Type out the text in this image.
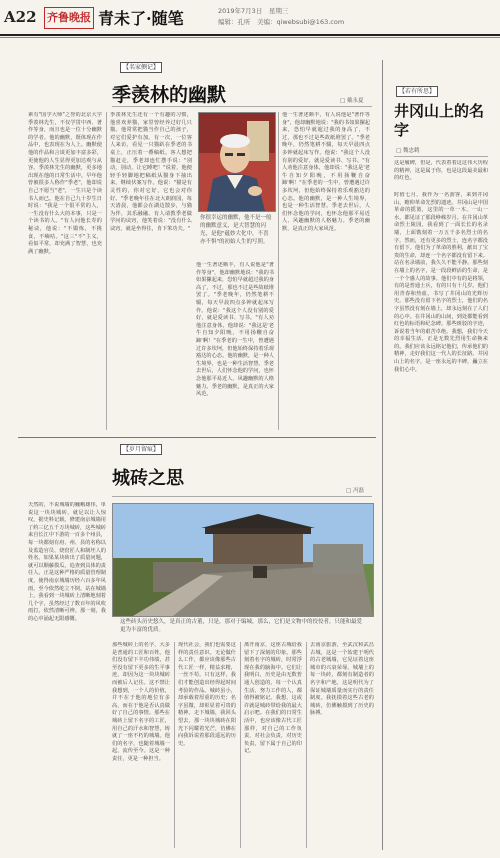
A22 齐鲁晚报 青未了·随笔	2019年7月3日　星期三
编辑：孔听　美编：qiwebsubi@163.com
【名家侧记】
季羡林的幽默	□ 戴永夏
素有"国学大师"之誉的北京大学季羡林先生，不仅学贯中西、著作等身，而且也是一位十分幽默的学者。他的幽默，既体现在作品中，也表现在为人上。幽默使他的作品和言谈更加丰富多彩，更使他的人生显得更加达观与从容。季羡林先生的幽默，更多地出现在他的日常生活中。早年他曾被很多人称作"季老"，他却说自己不愿当"老"，一生只是个读书人而已。他在自己九十岁生日时说："我是一个很平常的人，一生没有什么大的本事，只是一个读书的人。"有人问他长寿的秘诀，他说："不锻炼，不挑食，不嘀咕。"这三"不"主义，看似平常，却充满了智慧，也充满了幽默。
季羡林先生还有一个有趣的习惯，他喜欢养猫，家里曾经养过好几只猫。他常常把猫当作自己的孩子，对它们爱护有加。有一次，一位客人来访，看见一只猫趴在季老的书桌上，正压着一叠稿纸。客人想把猫赶走，季老却连忙摆手说："别动，别动，让它睡吧！"说着，他便轻手轻脚地把稿纸从猫身下抽出来，继续伏案写作。他说："猫是有灵性的，你对它好，它也会对你好。"季老晚年住在北大朗润园，每天清晨，他都会在湖边散步，与猫为伴，其乐融融。有人请教季老做学问的诀窍，他笑着说："没有什么诀窍，就是坐得住，肯下笨功夫。"
你很幸运的幽默，他不是一般的幽默意义，是大智慧的闪光，是他"蕴妙大化中，不喜亦不惧"的初始人生的写照。
他一生著述颇丰，有人说他是"著作等身"，他却幽默地说："我的书如果摞起来，恐怕早就超过我的身高了，不过，那也不过是些故纸堆罢了。"季老晚年，仍然笔耕不辍，每天早晨四点多钟就起床写作。他说："我这个人没有别的爱好，就是爱读书、写书。"有人劝他注意身体，他却说："我这是'老牛自知夕阳晚，不用扬鞭自奋蹄'啊！"在季老的一生中，曾遭遇过许多坎坷，但他始终保持着乐观豁达的心态。他的幽默，是一种人生境界，也是一种生活智慧。季老去世后，人们怀念他的学问，也怀念他那平易近人、风趣幽默的人格魅力。季老的幽默，是真正的大家风范。
他一生著述颇丰，有人说他是"著作等身"，他却幽默地说："我的书如果摞起来，恐怕早就超过我的身高了，不过，那也不过是些故纸堆罢了。"季老晚年，仍然笔耕不辍，每天早晨四点多钟就起床写作。他说："我这个人没有别的爱好，就是爱读书、写书。"有人劝他注意身体，他却说："我这是'老牛自知夕阳晚，不用扬鞭自奋蹄'啊！"在季老的一生中，曾遭遇过许多坎坷，但他始终保持着乐观豁达的心态。他的幽默，是一种人生境界，也是一种生活智慧。季老去世后，人们怀念他的学问，也怀念他那平易近人、风趣幽默的人格魅力。季老的幽默，是真正的大家风范。
【若有所思】
井冈山上的名字
□ 魏忠鹤
这是履碑，但是，代表着着这这伟大历程的精神，这是属于你，也是这段最美最和的红色。
时值七月，我作为一名游客，来到井冈山，瞻仰革命先烈的遗迹。井冈山是中国革命的摇篮，这里的一草一木、一山一水，都见证了那段峥嵘岁月。在井冈山革命烈士陵园，我看到了一面长长的名录墙，上面镌刻着一万五千多名烈士的名字。然而，还有更多的烈士，连名字都没有留下。他们为了革命的胜利，献出了宝贵的生命，却连一个名字都没有留下来。站在名录墙前，我久久不能平静。那些刻在墙上的名字，是一段段鲜活的生命，是一个个感人的故事。他们中有的是将领，有的是普通士兵，有的只有十几岁。他们用青春和热血，书写了井冈山的光辉历史。那些没有留下名字的烈士，他们的名字虽然没有刻在墙上，却永远刻在了人们的心中。在井冈山的山间，到处都能看到红色的标语和纪念碑。那些斑驳的字迹，诉说着当年的艰苦卓绝。我想，我们今天的幸福生活，正是无数先烈用生命换来的。我们应该永远铭记他们，传承他们的精神，走好我们这一代人的长征路。井冈山上的名字，是一座永远的丰碑，矗立在我们心中。
【岁月留痕】
城砖之思
□ 冯磊
天然的，不说城墙的巍峨雄伟，单说这一块块城砖，就足以让人惊叹。据史料记载，修建南京城墙用了约三亿五千万块城砖，这些城砖来自长江中下游的一百多个州县，每一块都刻有府、州、县的名称以及监造官员、烧窑匠人和制坯人的姓名。如果某块砖出了质量问题，就可以顺藤摸瓜，追查到具体的责任人。正是这种严格的质量管理制度，使得南京城墙历经六百多年风雨，至今依然屹立不倒。站在城墙上，我看到一块城砖上清晰地刻着几个字，虽然经过了数百年的风吹雨打，依然清晰可辨。那一刻，我的心中涌起无限感慨。
这些砖头历史悠久，是真正的古董，只是，那对于编城，那么，它们是文物中的佼佼者，只能和最爱更为丰富的优质。
那些城砖上的名字，大多是普通的工匠和百姓。他们没有留下丰功伟绩，甚至没有留下更多的生平事迹，却因为这一块块城砖而被后人记住。这不禁让我想到，一个人的价值，并不在于他的地位有多高，而在于他是否认真做好了自己的事情。那些在城砖上留下名字的工匠，用自己的汗水和智慧，铸就了一座不朽的城墙。他们的名字，也随着城墙一起，流传至今。这是一种责任，更是一种担当。
现代社会，我们也需要这样的责任意识。无论做什么工作，都应该像那些古代工匠一样，精益求精，一丝不苟。只有这样，我们才能创造出经得起时间考验的作品。城砖虽小，却承载着厚重的历史；名字虽微，却彰显着可贵的精神。走下城墙，我回头望去，那一块块城砖在阳光下闪耀着光芒，仿佛在向我诉说着那段遥远的历史。
离开南京，这座古城给我留下了深刻的印象。那些刻着名字的城砖，时常浮现在我的脑海中。它们让我明白，历史是由无数普通人创造的，每一个认真生活、努力工作的人，都值得被铭记。我想，这或许就是城砖带给我的最大启示吧。在我们的日常生活中，也应该像古代工匠那样，对自己的工作负责，对社会负责，对历史负责，留下属于自己的印记。
去南京旅游，至武汉和武昌古城，这是一个始建于明代的古老城墙，它见证着这座城市的兴衰荣辱。城墙上的每一块砖，都刻有制造者的名字和产地，这是明代为了保证城墙质量而实行的责任制度。我抚摸着这些古老的城砖，仿佛触摸到了历史的脉搏。
